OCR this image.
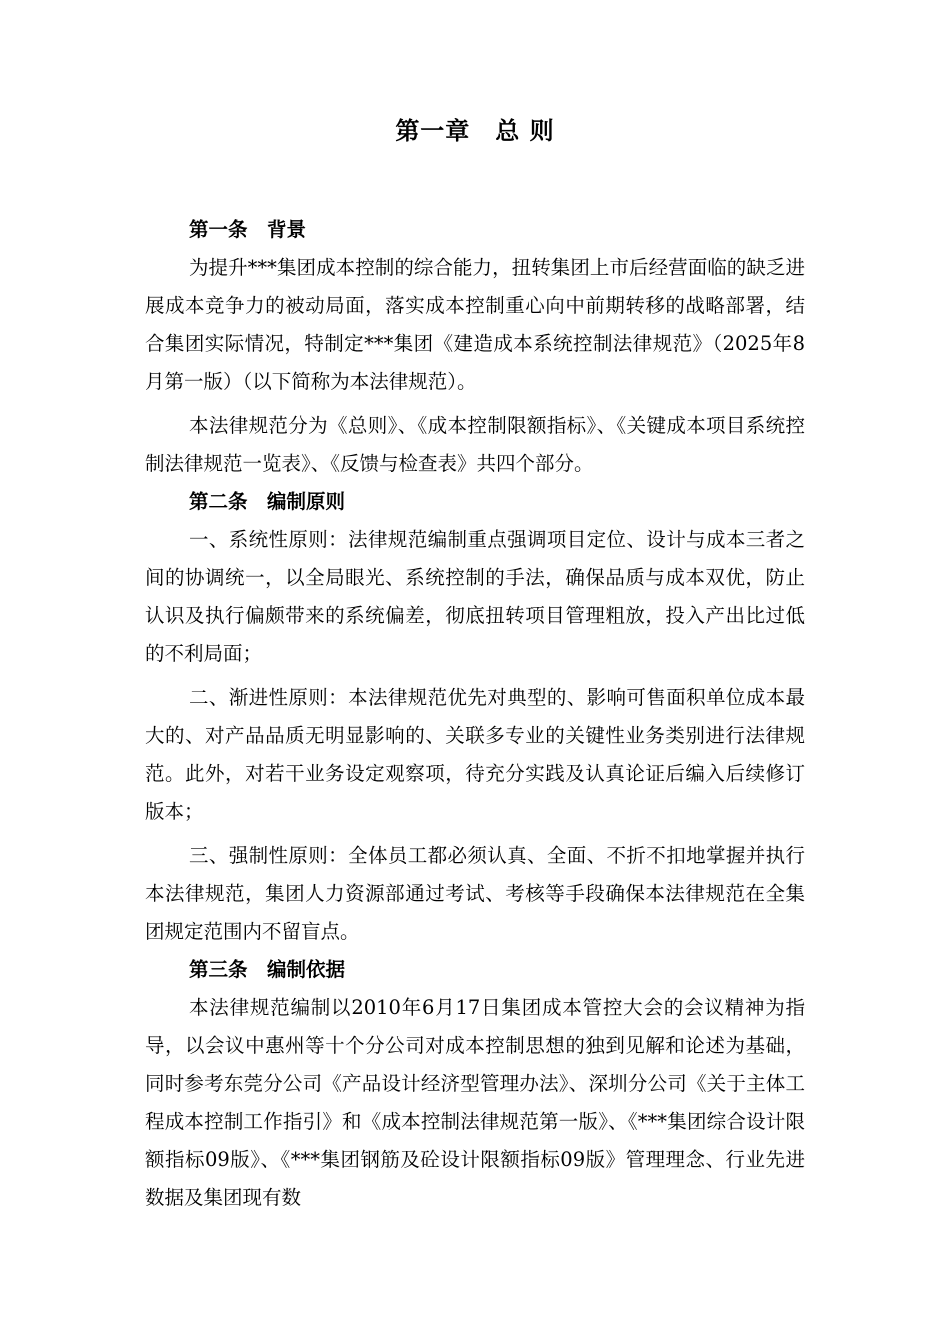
第一章　总 则
第一条　背景

为提升***集团成本控制的综合能力，扭转集团上市后经营面临的缺乏进展成本竞争力的被动局面，落实成本控制重心向中前期转移的战略部署，结合集团实际情况，特制定***集团《建造成本系统控制法律规范》（2025年8月第一版）（以下简称为本法律规范）。

本法律规范分为《总则》、《成本控制限额指标》、《关键成本项目系统控制法律规范一览表》、《反馈与检查表》共四个部分。

第二条　编制原则

一、系统性原则：法律规范编制重点强调项目定位、设计与成本三者之间的协调统一，以全局眼光、系统控制的手法，确保品质与成本双优，防止认识及执行偏颇带来的系统偏差，彻底扭转项目管理粗放，投入产出比过低的不利局面；

二、渐进性原则：本法律规范优先对典型的、影响可售面积单位成本最大的、对产品品质无明显影响的、关联多专业的关键性业务类别进行法律规范。此外，对若干业务设定观察项，待充分实践及认真论证后编入后续修订版本；

三、强制性原则：全体员工都必须认真、全面、不折不扣地掌握并执行本法律规范，集团人力资源部通过考试、考核等手段确保本法律规范在全集团规定范围内不留盲点。

第三条　编制依据

本法律规范编制以2010年6月17日集团成本管控大会的会议精神为指导，以会议中惠州等十个分公司对成本控制思想的独到见解和论述为基础，同时参考东莞分公司《产品设计经济型管理办法》、深圳分公司《关于主体工程成本控制工作指引》和《成本控制法律规范第一版》、《***集团综合设计限额指标09版》、《***集团钢筋及砼设计限额指标09版》管理理念、行业先进数据及集团现有数
